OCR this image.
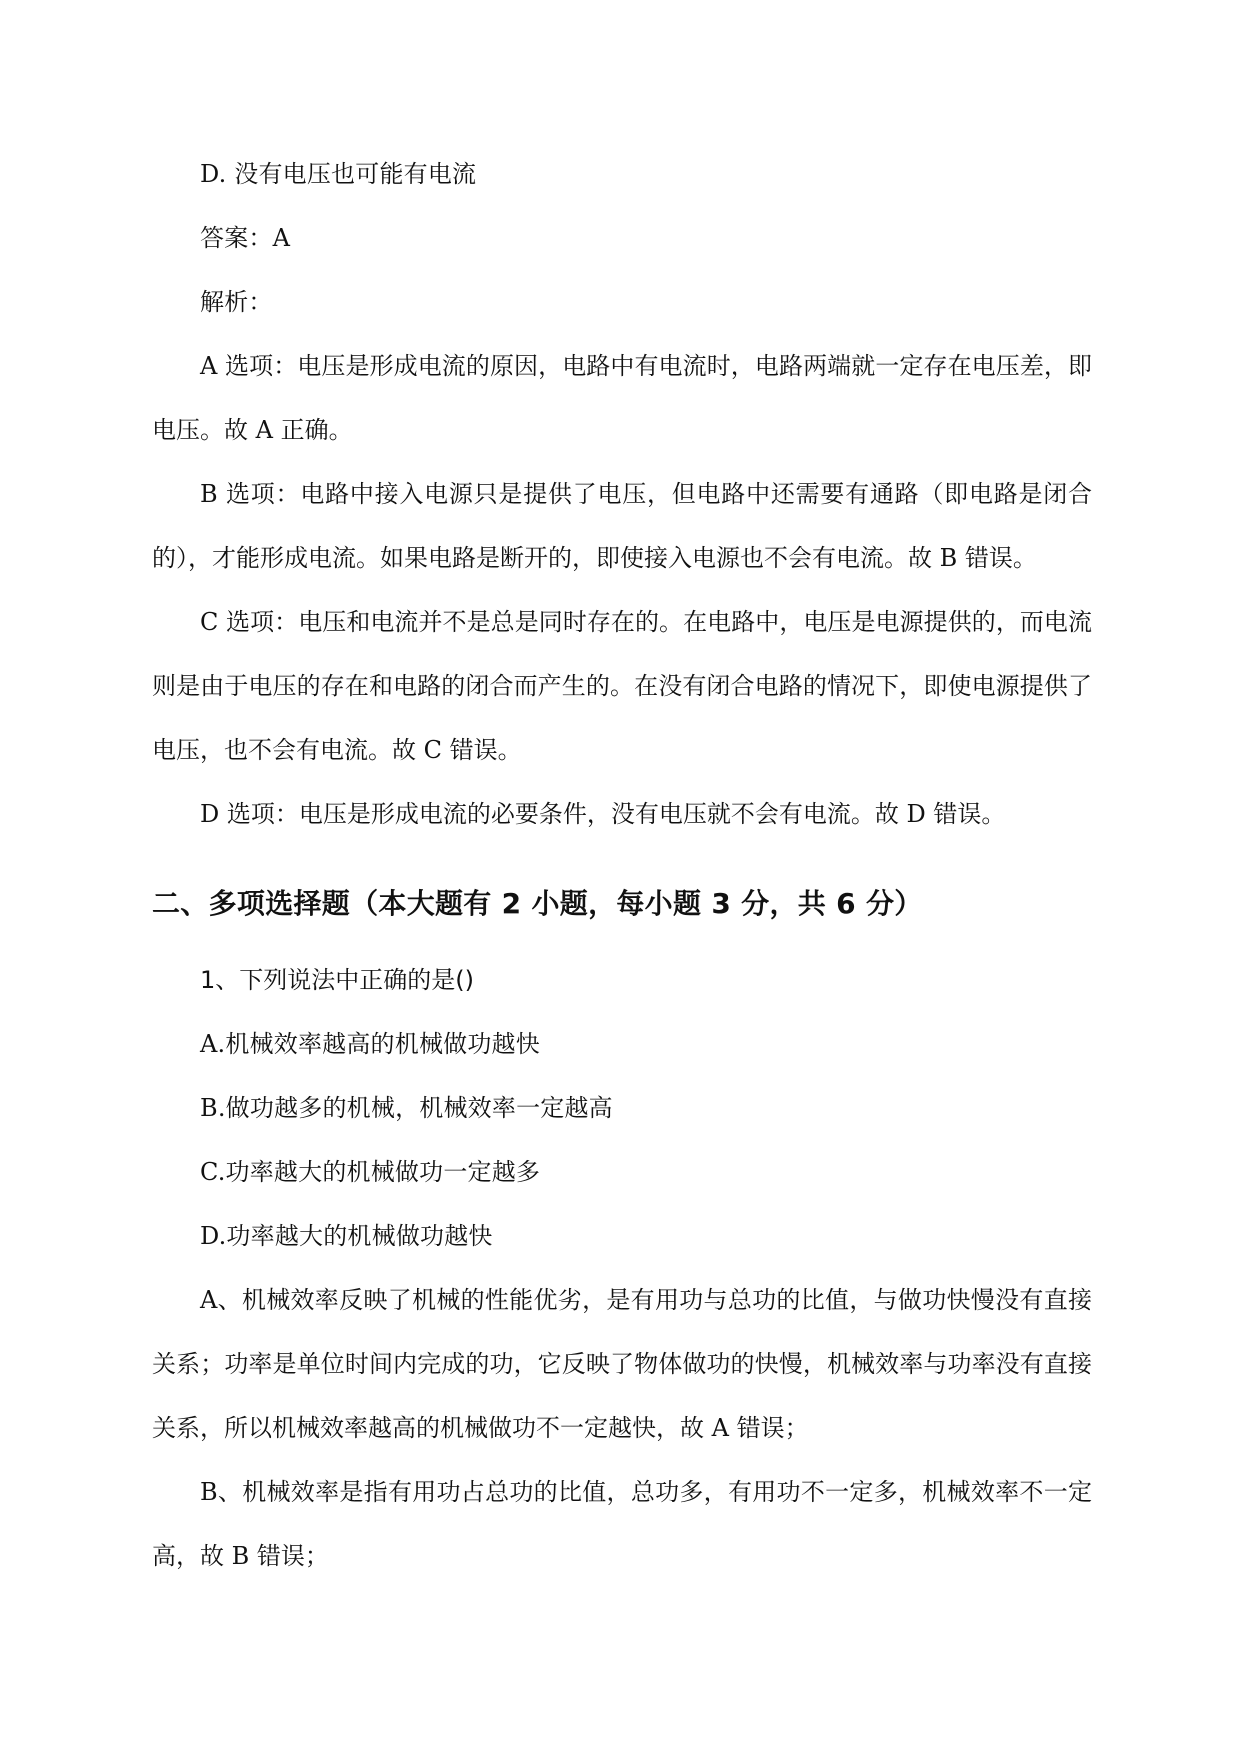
D. 没有电压也可能有电流
答案：A
解析：

A 选项：电压是形成电流的原因，电路中有电流时，电路两端就一定存在电压差，即电压。故 A 正确。

B 选项：电路中接入电源只是提供了电压，但电路中还需要有通路（即电路是闭合的），才能形成电流。如果电路是断开的，即使接入电源也不会有电流。故 B 错误。

C 选项：电压和电流并不是总是同时存在的。在电路中，电压是电源提供的，而电流则是由于电压的存在和电路的闭合而产生的。在没有闭合电路的情况下，即使电源提供了电压，也不会有电流。故 C 错误。

D 选项：电压是形成电流的必要条件，没有电压就不会有电流。故 D 错误。

二、多项选择题（本大题有 2 小题，每小题 3 分，共 6 分）
1、下列说法中正确的是()
A.机械效率越高的机械做功越快
B.做功越多的机械，机械效率一定越高
C.功率越大的机械做功一定越多
D.功率越大的机械做功越快

A、机械效率反映了机械的性能优劣，是有用功与总功的比值，与做功快慢没有直接关系；功率是单位时间内完成的功，它反映了物体做功的快慢，机械效率与功率没有直接关系，所以机械效率越高的机械做功不一定越快，故 A 错误；

B、机械效率是指有用功占总功的比值，总功多，有用功不一定多，机械效率不一定高，故 B 错误；
